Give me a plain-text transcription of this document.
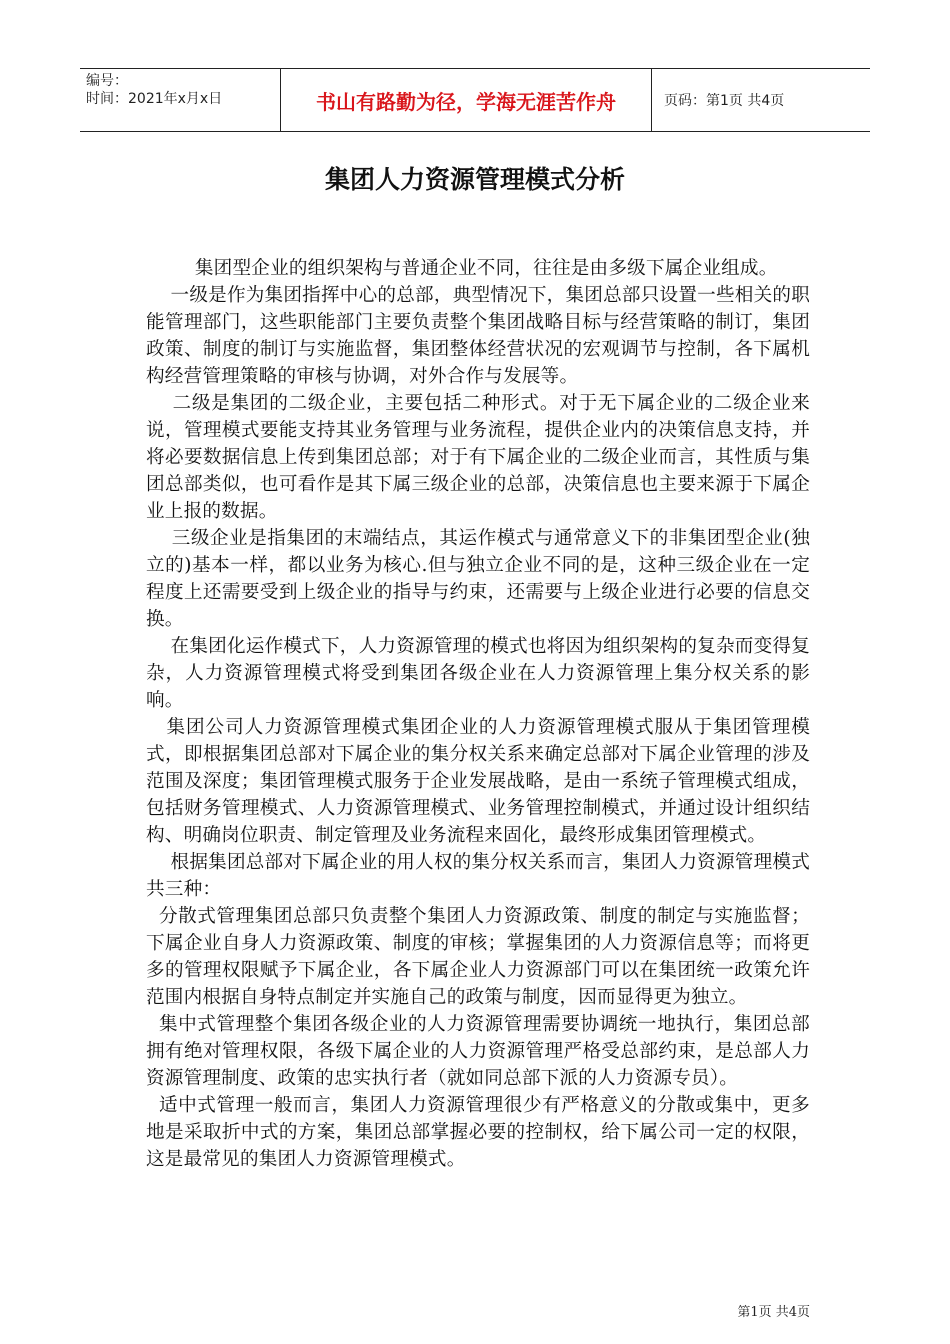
编号：
时间：2021年x月x日	书山有路勤为径，学海无涯苦作舟	页码：第1页 共4页
集团人力资源管理模式分析

集团型企业的组织架构与普通企业不同，往往是由多级下属企业组成。

一级是作为集团指挥中心的总部，典型情况下，集团总部只设置一些相关的职能管理部门，这些职能部门主要负责整个集团战略目标与经营策略的制订，集团政策、制度的制订与实施监督，集团整体经营状况的宏观调节与控制，各下属机构经营管理策略的审核与协调，对外合作与发展等。

二级是集团的二级企业，主要包括二种形式。对于无下属企业的二级企业来说，管理模式要能支持其业务管理与业务流程，提供企业内的决策信息支持，并将必要数据信息上传到集团总部；对于有下属企业的二级企业而言，其性质与集团总部类似，也可看作是其下属三级企业的总部，决策信息也主要来源于下属企业上报的数据。

三级企业是指集团的末端结点，其运作模式与通常意义下的非集团型企业(独立的)基本一样，都以业务为核心.但与独立企业不同的是，这种三级企业在一定程度上还需要受到上级企业的指导与约束，还需要与上级企业进行必要的信息交换。

在集团化运作模式下，人力资源管理的模式也将因为组织架构的复杂而变得复杂，人力资源管理模式将受到集团各级企业在人力资源管理上集分权关系的影响。

集团公司人力资源管理模式集团企业的人力资源管理模式服从于集团管理模式，即根据集团总部对下属企业的集分权关系来确定总部对下属企业管理的涉及范围及深度；集团管理模式服务于企业发展战略，是由一系统子管理模式组成，包括财务管理模式、人力资源管理模式、业务管理控制模式，并通过设计组织结构、明确岗位职责、制定管理及业务流程来固化，最终形成集团管理模式。

根据集团总部对下属企业的用人权的集分权关系而言，集团人力资源管理模式共三种：

分散式管理集团总部只负责整个集团人力资源政策、制度的制定与实施监督；下属企业自身人力资源政策、制度的审核；掌握集团的人力资源信息等；而将更多的管理权限赋予下属企业，各下属企业人力资源部门可以在集团统一政策允许范围内根据自身特点制定并实施自己的政策与制度，因而显得更为独立。

集中式管理整个集团各级企业的人力资源管理需要协调统一地执行，集团总部拥有绝对管理权限，各级下属企业的人力资源管理严格受总部约束，是总部人力资源管理制度、政策的忠实执行者（就如同总部下派的人力资源专员）。

适中式管理一般而言，集团人力资源管理很少有严格意义的分散或集中，更多地是采取折中式的方案，集团总部掌握必要的控制权，给下属公司一定的权限，这是最常见的集团人力资源管理模式。

第1页 共4页
